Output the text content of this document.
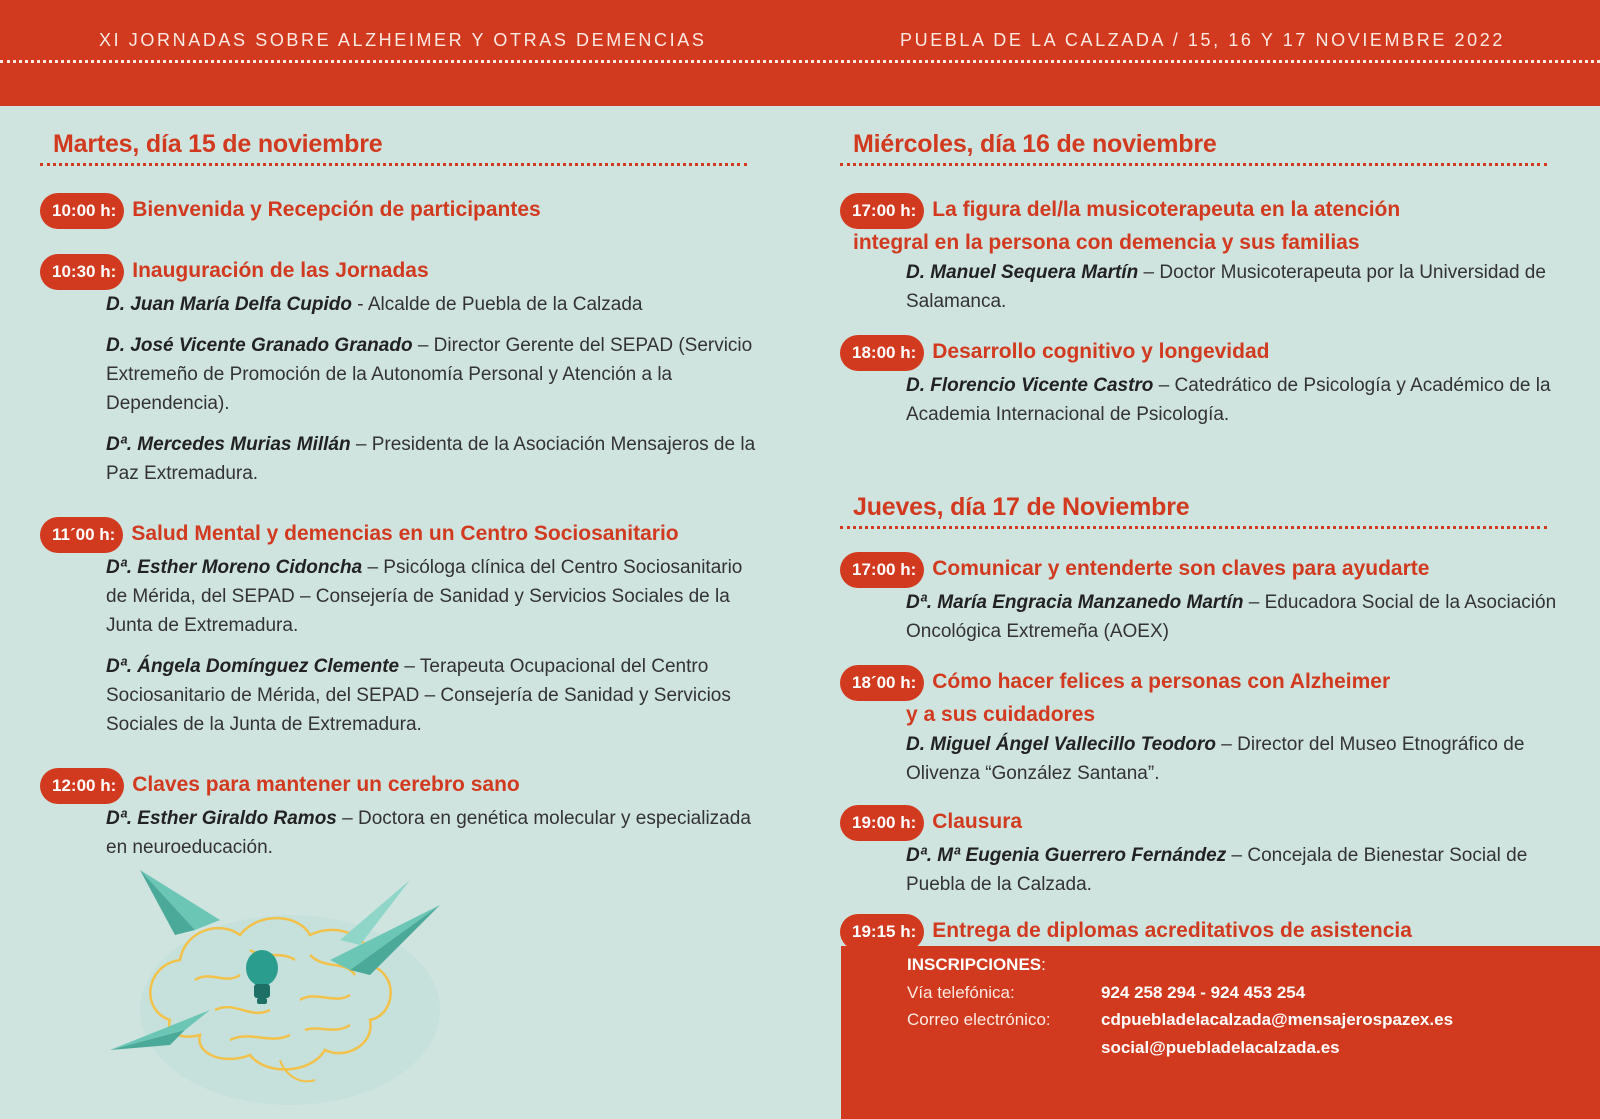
XI JORNADAS SOBRE ALZHEIMER Y OTRAS DEMENCIAS	PUEBLA DE LA CALZADA / 15, 16 Y 17 NOVIEMBRE 2022
Martes, día 15 de noviembre
10:00 h: Bienvenida y Recepción de participantes
10:30 h: Inauguración de las Jornadas
D. Juan María Delfa Cupido - Alcalde de Puebla de la Calzada
D. José Vicente Granado Granado – Director Gerente del SEPAD (Servicio Extremeño de Promoción de la Autonomía Personal y Atención a la Dependencia).
Dª. Mercedes Murias Millán – Presidenta de la Asociación Mensajeros de la Paz Extremadura.
11´00 h: Salud Mental y demencias en un Centro Sociosanitario
Dª. Esther Moreno Cidoncha – Psicóloga clínica del Centro Sociosanitario de Mérida, del SEPAD – Consejería de Sanidad y Servicios Sociales de la Junta de Extremadura.
Dª. Ángela Domínguez Clemente – Terapeuta Ocupacional del Centro Sociosanitario de Mérida, del SEPAD – Consejería de Sanidad y Servicios Sociales de la Junta de Extremadura.
12:00 h: Claves para mantener un cerebro sano
Dª. Esther Giraldo Ramos – Doctora en genética molecular y especializada en neuroeducación.
Miércoles, día 16 de noviembre
17:00 h: La figura del/la musicoterapeuta en la atención
integral en la persona con demencia y sus familias
D. Manuel Sequera Martín – Doctor Musicoterapeuta por la Universidad de Salamanca.
18:00 h: Desarrollo cognitivo y longevidad
D. Florencio Vicente Castro – Catedrático de Psicología y Académico de la Academia Internacional de Psicología.
Jueves, día 17 de Noviembre
17:00 h: Comunicar y entenderte son claves para ayudarte
Dª. María Engracia Manzanedo Martín – Educadora Social de la Asociación Oncológica Extremeña (AOEX)
18´00 h: Cómo hacer felices a personas con Alzheimer
y a sus cuidadores
D. Miguel Ángel Vallecillo Teodoro – Director del Museo Etnográfico de Olivenza “González Santana”.
19:00 h: Clausura
Dª. Mª Eugenia Guerrero Fernández – Concejala de Bienestar Social de Puebla de la Calzada.
19:15 h: Entrega de diplomas acreditativos de asistencia
INSCRIPCIONES:
Vía telefónica:	924 258 294 - 924 453 254
Correo electrónico:	cdpuebladelacalzada@mensajerospazex.es
social@puebladelacalzada.es
